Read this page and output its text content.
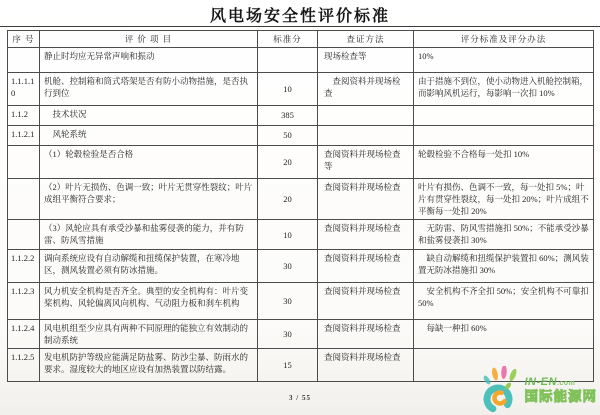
风电场安全性评价标准
序 号	评 价 项 目	标准分	查证方法	评分标准及评分办法
	静止时均应无异常声响和振动		现场检查等	10%
1.1.1.10	机舱、控制箱和筒式塔架是否有防小动物措施，是否执行到位	10	　查阅资料并现场检查	由于措施不到位，使小动物进入机舱控制箱，而影响风机运行，每影响一次扣 10%
1.1.2	　技术状况	385		
1.1.2.1	　风轮系统	50		
	（1）轮毂检验是否合格	20	查阅资料并现场检查等	轮毂检验不合格每一处扣 10%
	（2）叶片无损伤、色调一致；叶片无贯穿性裂纹；叶片成组平衡符合要求；	20	查阅资料并现场检查	叶片有损伤、色调不一致，每一处扣 5%；叶片有贯穿性裂纹，每一处扣 20%；叶片成组不平衡每一处扣 20%
	（3）风轮应具有承受沙暴和盐雾侵袭的能力，并有防雷、防风雪措施	10	查阅资料并现场检查	　无防雷、防风雪措施扣 50%；不能承受沙暴和盐雾侵袭扣 30%
1.1.2.2	调向系统应设有自动解缆和扭缆保护装置，在寒冷地区，测风装置必须有防冰措施。	30	查阅资料并现场检查	　缺自动解缆和扭缆保护装置扣 60%；测风装置无防冰措施扣 30%
1.1.2.3	风力机安全机构是否齐全。典型的安全机构有：叶片变桨机构、风轮偏离风向机构、气动阻力板和刹车机构	30	查阅资料并现场检查	　安全机构不齐全扣 50%；安全机构不可靠扣 50%
1.1.2.4	风电机组至少应具有两种不同原理的能独立有效制动的制动系统	30	查阅资料并现场检查	　每缺一种扣 60%
1.1.2.5	发电机防护等级应能满足防盐雾、防沙尘暴、防雨水的要求。湿度较大的地区应设有加热装置以防结露。	15	查阅资料并现场检查	
3 / 55
IN-EN.com
国际能源网
